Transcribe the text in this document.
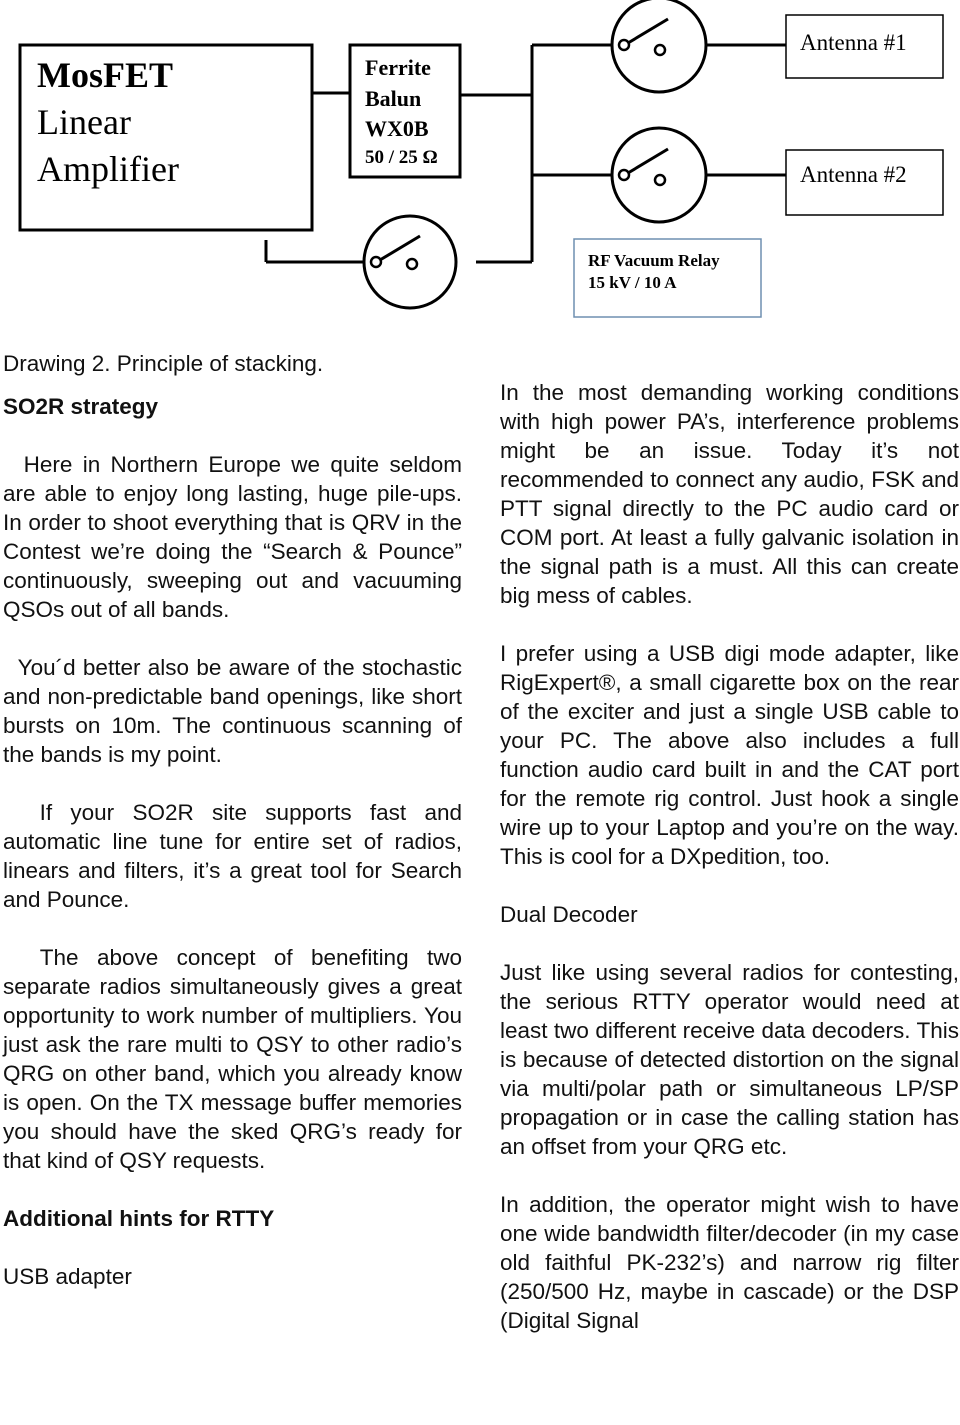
MosFET
Linear
Amplifier
Ferrite
Balun
WX0B
50 / 25 Ω
Antenna #1
Antenna #2
RF Vacuum Relay
15 kV / 10 A

Drawing 2. Principle of stacking.

SO2R strategy

Here in Northern Europe we quite seldom are able to enjoy long lasting, huge pile-ups. In order to shoot everything that is QRV in the Contest we’re doing the “Search & Pounce” continuously, sweeping out and vacuuming QSOs out of all bands.

You´d better also be aware of the stochastic and non-predictable band openings, like short bursts on 10m. The continuous scanning of the bands is my point.

If your SO2R site supports fast and automatic line tune for entire set of radios, linears and filters, it’s a great tool for Search and Pounce.

The above concept of benefiting two separate radios simultaneously gives a great opportunity to work number of multipliers. You just ask the rare multi to QSY to other radio’s QRG on other band, which you already know is open. On the TX message buffer memories you should have the sked QRG’s ready for that kind of QSY requests.

Additional hints for RTTY

USB adapter

In the most demanding working conditions with high power PA’s, interference problems might be an issue. Today it’s not recommended to connect any audio, FSK and PTT signal directly to the PC audio card or COM port. At least a fully galvanic isolation in the signal path is a must. All this can create big mess of cables.

I prefer using a USB digi mode adapter, like RigExpert®, a small cigarette box on the rear of the exciter and just a single USB cable to your PC. The above also includes a full function audio card built in and the CAT port for the remote rig control. Just hook a single wire up to your Laptop and you’re on the way. This is cool for a DXpedition, too.

Dual Decoder

Just like using several radios for contesting, the serious RTTY operator would need at least two different receive data decoders. This is because of detected distortion on the signal via multi/polar path or simultaneous LP/SP propagation or in case the calling station has an offset from your QRG etc.

In addition, the operator might wish to have one wide bandwidth filter/decoder (in my case old faithful PK-232’s) and narrow rig filter (250/500 Hz, maybe in cascade) or the DSP (Digital Signal
